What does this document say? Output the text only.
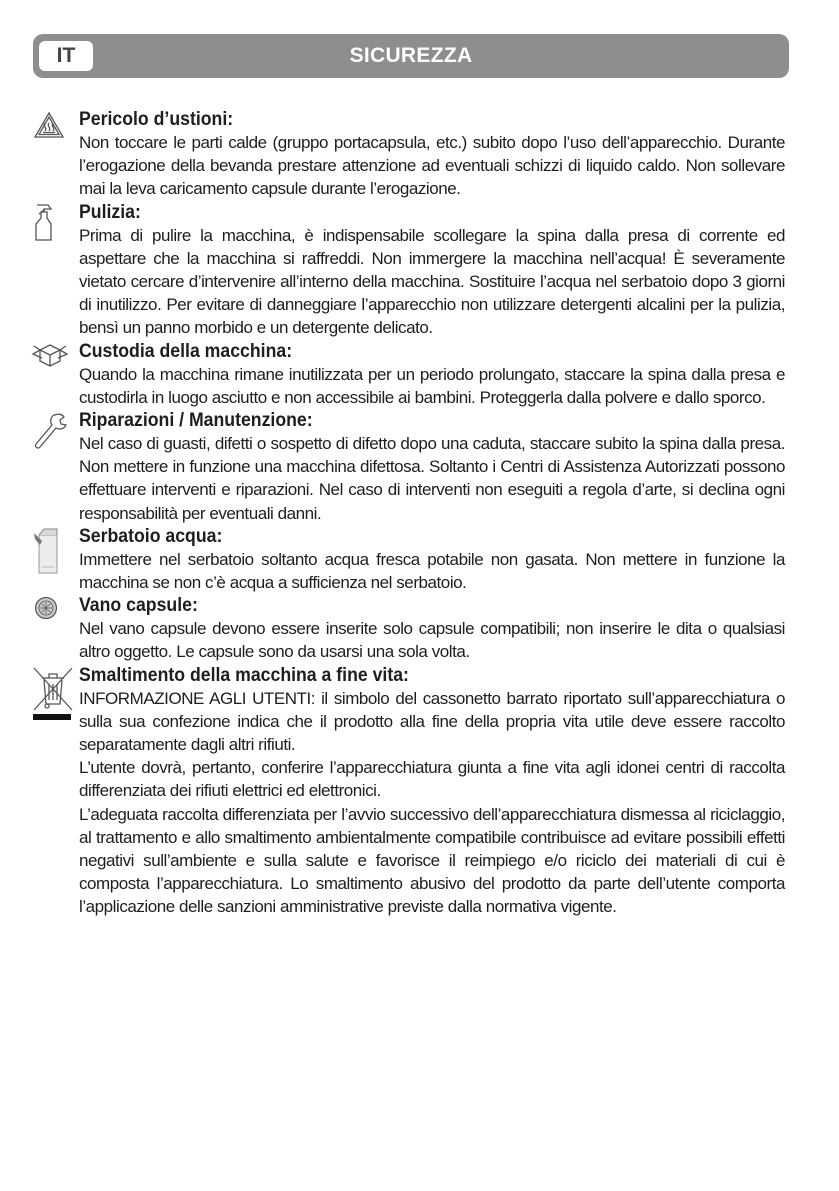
IT	SICUREZZA
Pericolo d’ustioni:

Non toccare le parti calde (gruppo portacapsula, etc.) subito dopo l’uso dell’apparecchio. Durante l’erogazione della bevanda prestare attenzione ad eventuali schizzi di liquido caldo. Non sollevare mai la leva caricamento capsule durante l’erogazione.

Pulizia:

Prima di pulire la macchina, è indispensabile scollegare la spina dalla presa di corrente ed aspettare che la macchina si raffreddi. Non immergere la macchina nell’acqua! È severamente vietato cercare d’intervenire all’interno della macchina. Sostituire l’acqua nel serbatoio dopo 3 giorni di inutilizzo. Per evitare di danneggiare l’apparecchio non utilizzare detergenti alcalini per la pulizia, bensì un panno morbido e un detergente delicato.

Custodia della macchina:

Quando la macchina rimane inutilizzata per un periodo prolungato, staccare la spina dalla presa e custodirla in luogo asciutto e non accessibile ai bambini. Proteggerla dalla polvere e dallo sporco.

Riparazioni / Manutenzione:

Nel caso di guasti, difetti o sospetto di difetto dopo una caduta, staccare subito la spina dalla presa. Non mettere in funzione una macchina difettosa. Soltanto i Centri di Assistenza Autorizzati possono effettuare interventi e riparazioni. Nel caso di interventi non eseguiti a regola d’arte, si declina ogni responsabilità per eventuali danni.

Serbatoio acqua:

Immettere nel serbatoio soltanto acqua fresca potabile non gasata. Non mettere in funzione la macchina se non c’è acqua a sufficienza nel serbatoio.

Vano capsule:

Nel vano capsule devono essere inserite solo capsule compatibili; non inserire le dita o qualsiasi altro oggetto. Le capsule sono da usarsi una sola volta.

Smaltimento della macchina a fine vita:

INFORMAZIONE AGLI UTENTI: il simbolo del cassonetto barrato riportato sull’apparecchiatura o sulla sua confezione indica che il prodotto alla fine della propria vita utile deve essere raccolto separatamente dagli altri rifiuti.

L’utente dovrà, pertanto, conferire l’apparecchiatura giunta a fine vita agli idonei centri di raccolta differenziata dei rifiuti elettrici ed elettronici.

L’adeguata raccolta differenziata per l’avvio successivo dell’apparecchiatura dismessa al riciclaggio, al trattamento e allo smaltimento ambientalmente compatibile contribuisce ad evitare possibili effetti negativi sull’ambiente e sulla salute e favorisce il reimpiego e/o riciclo dei materiali di cui è composta l’apparecchiatura. Lo smaltimento abusivo del prodotto da parte dell’utente comporta l’applicazione delle sanzioni amministrative previste dalla normativa vigente.
